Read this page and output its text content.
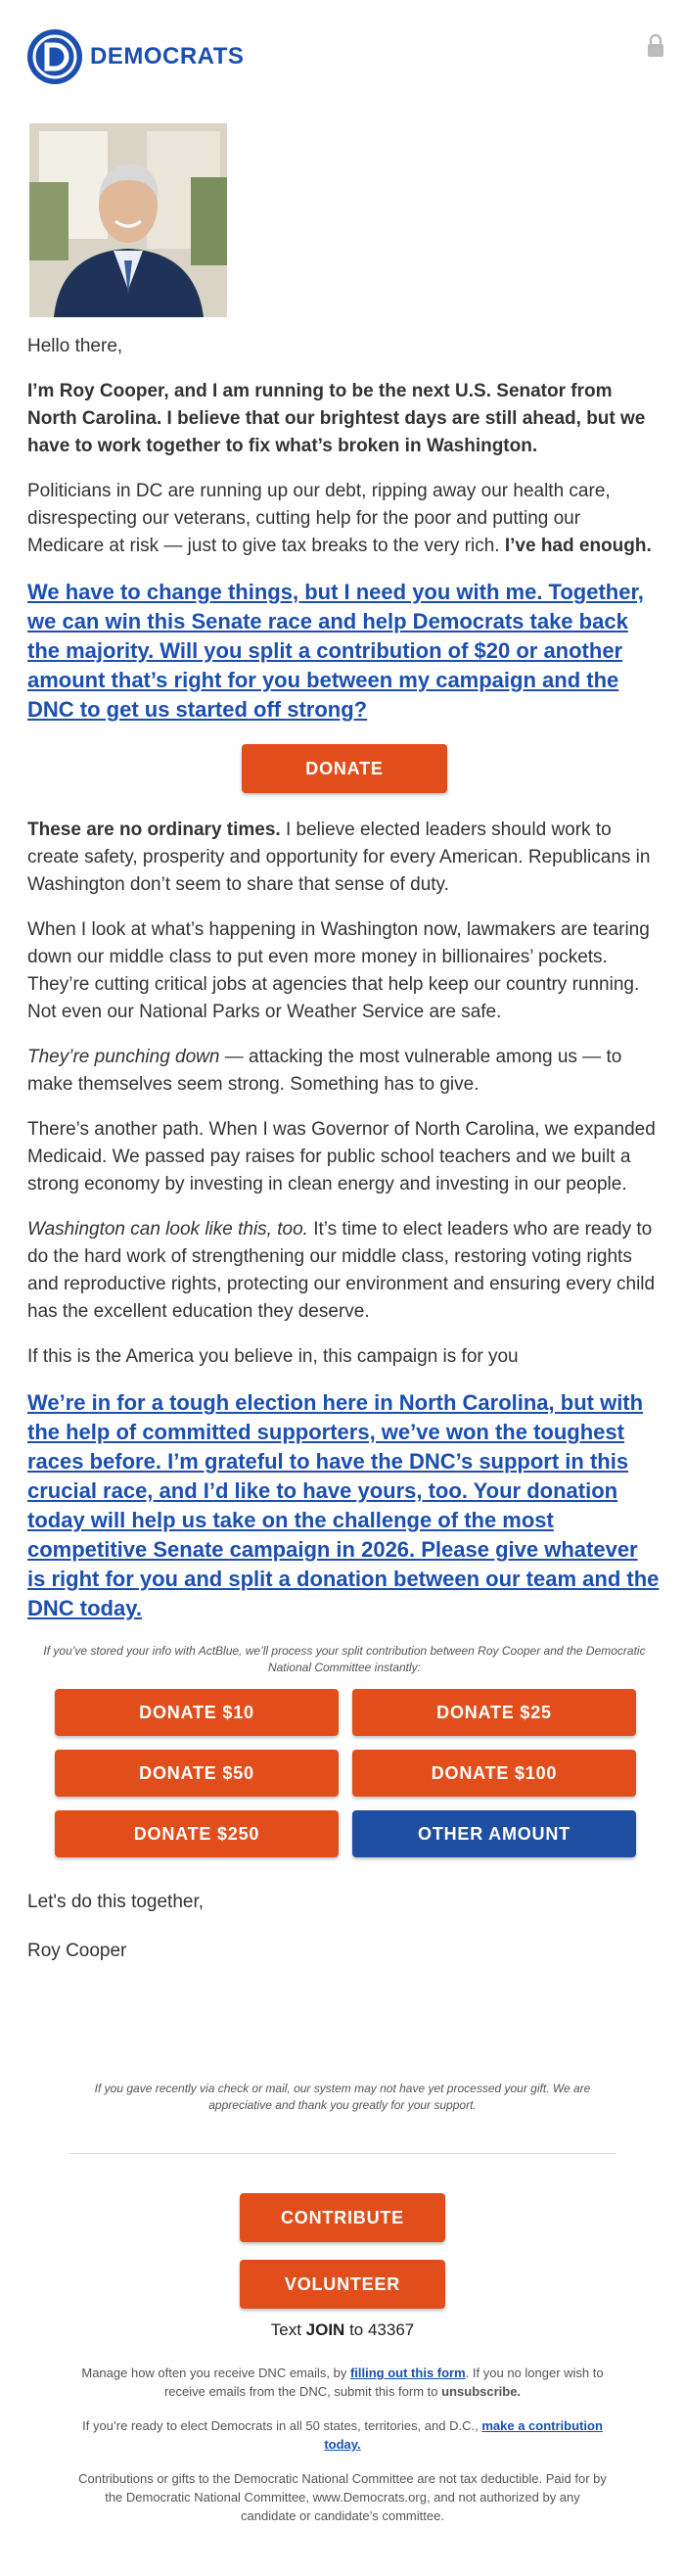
DEMOCRATS

Hello there,

I’m Roy Cooper, and I am running to be the next U.S. Senator from North Carolina. I believe that our brightest days are still ahead, but we have to work together to fix what’s broken in Washington.

Politicians in DC are running up our debt, ripping away our health care, disrespecting our veterans, cutting help for the poor and putting our Medicare at risk — just to give tax breaks to the very rich. I’ve had enough.

We have to change things, but I need you with me. Together, we can win this Senate race and help Democrats take back the majority. Will you split a contribution of $20 or another amount that’s right for you between my campaign and the DNC to get us started off strong?
DONATE

These are no ordinary times. I believe elected leaders should work to create safety, prosperity and opportunity for every American. Republicans in Washington don’t seem to share that sense of duty.

When I look at what’s happening in Washington now, lawmakers are tearing down our middle class to put even more money in billionaires’ pockets. They’re cutting critical jobs at agencies that help keep our country running. Not even our National Parks or Weather Service are safe.

They’re punching down — attacking the most vulnerable among us — to make themselves seem strong. Something has to give.

There’s another path. When I was Governor of North Carolina, we expanded Medicaid. We passed pay raises for public school teachers and we built a strong economy by investing in clean energy and investing in our people.

Washington can look like this, too. It’s time to elect leaders who are ready to do the hard work of strengthening our middle class, restoring voting rights and reproductive rights, protecting our environment and ensuring every child has the excellent education they deserve.

If this is the America you believe in, this campaign is for you

We’re in for a tough election here in North Carolina, but with the help of committed supporters, we’ve won the toughest races before. I’m grateful to have the DNC’s support in this crucial race, and I’d like to have yours, too. Your donation today will help us take on the challenge of the most competitive Senate campaign in 2026. Please give whatever is right for you and split a donation between our team and the DNC today.

If you’ve stored your info with ActBlue, we’ll process your split contribution between Roy Cooper and the Democratic National Committee instantly:

DONATE $10	DONATE $25
DONATE $50	DONATE $100
DONATE $250	OTHER AMOUNT

Let's do this together,

Roy Cooper

If you gave recently via check or mail, our system may not have yet processed your gift. We are appreciative and thank you greatly for your support.

CONTRIBUTE
VOLUNTEER
Text JOIN to 43367

Manage how often you receive DNC emails, by filling out this form. If you no longer wish to receive emails from the DNC, submit this form to unsubscribe.

If you’re ready to elect Democrats in all 50 states, territories, and D.C., make a contribution today.

Contributions or gifts to the Democratic National Committee are not tax deductible. Paid for by the Democratic National Committee, www.Democrats.org, and not authorized by any candidate or candidate’s committee.
